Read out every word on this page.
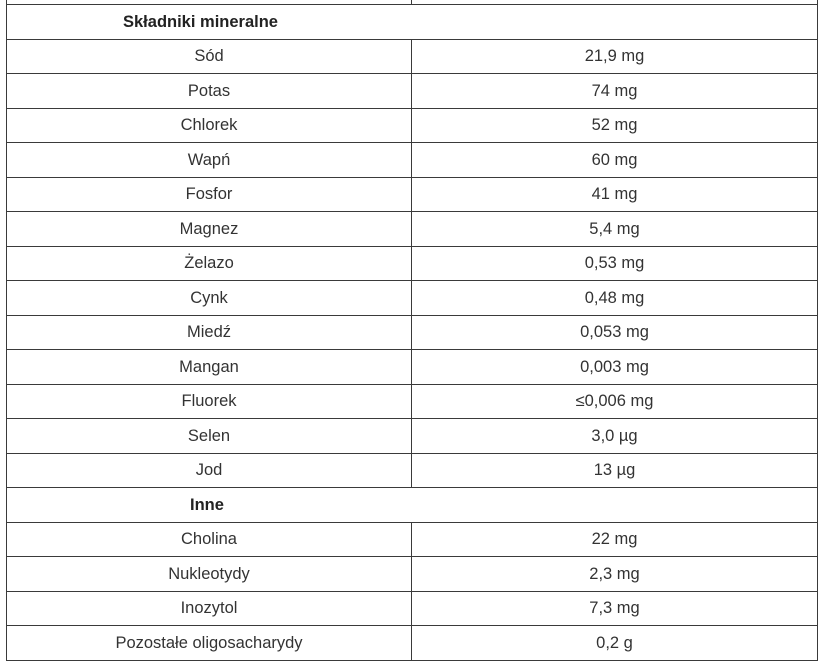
Składniki mineralne	
Sód	21,9 mg
Potas	74 mg
Chlorek	52 mg
Wapń	60 mg
Fosfor	41 mg
Magnez	5,4 mg
Żelazo	0,53 mg
Cynk	0,48 mg
Miedź	0,053 mg
Mangan	0,003 mg
Fluorek	≤0,006 mg
Selen	3,0 µg
Jod	13 µg
Inne	
Cholina	22 mg
Nukleotydy	2,3 mg
Inozytol	7,3 mg
Pozostałe oligosacharydy	0,2 g
